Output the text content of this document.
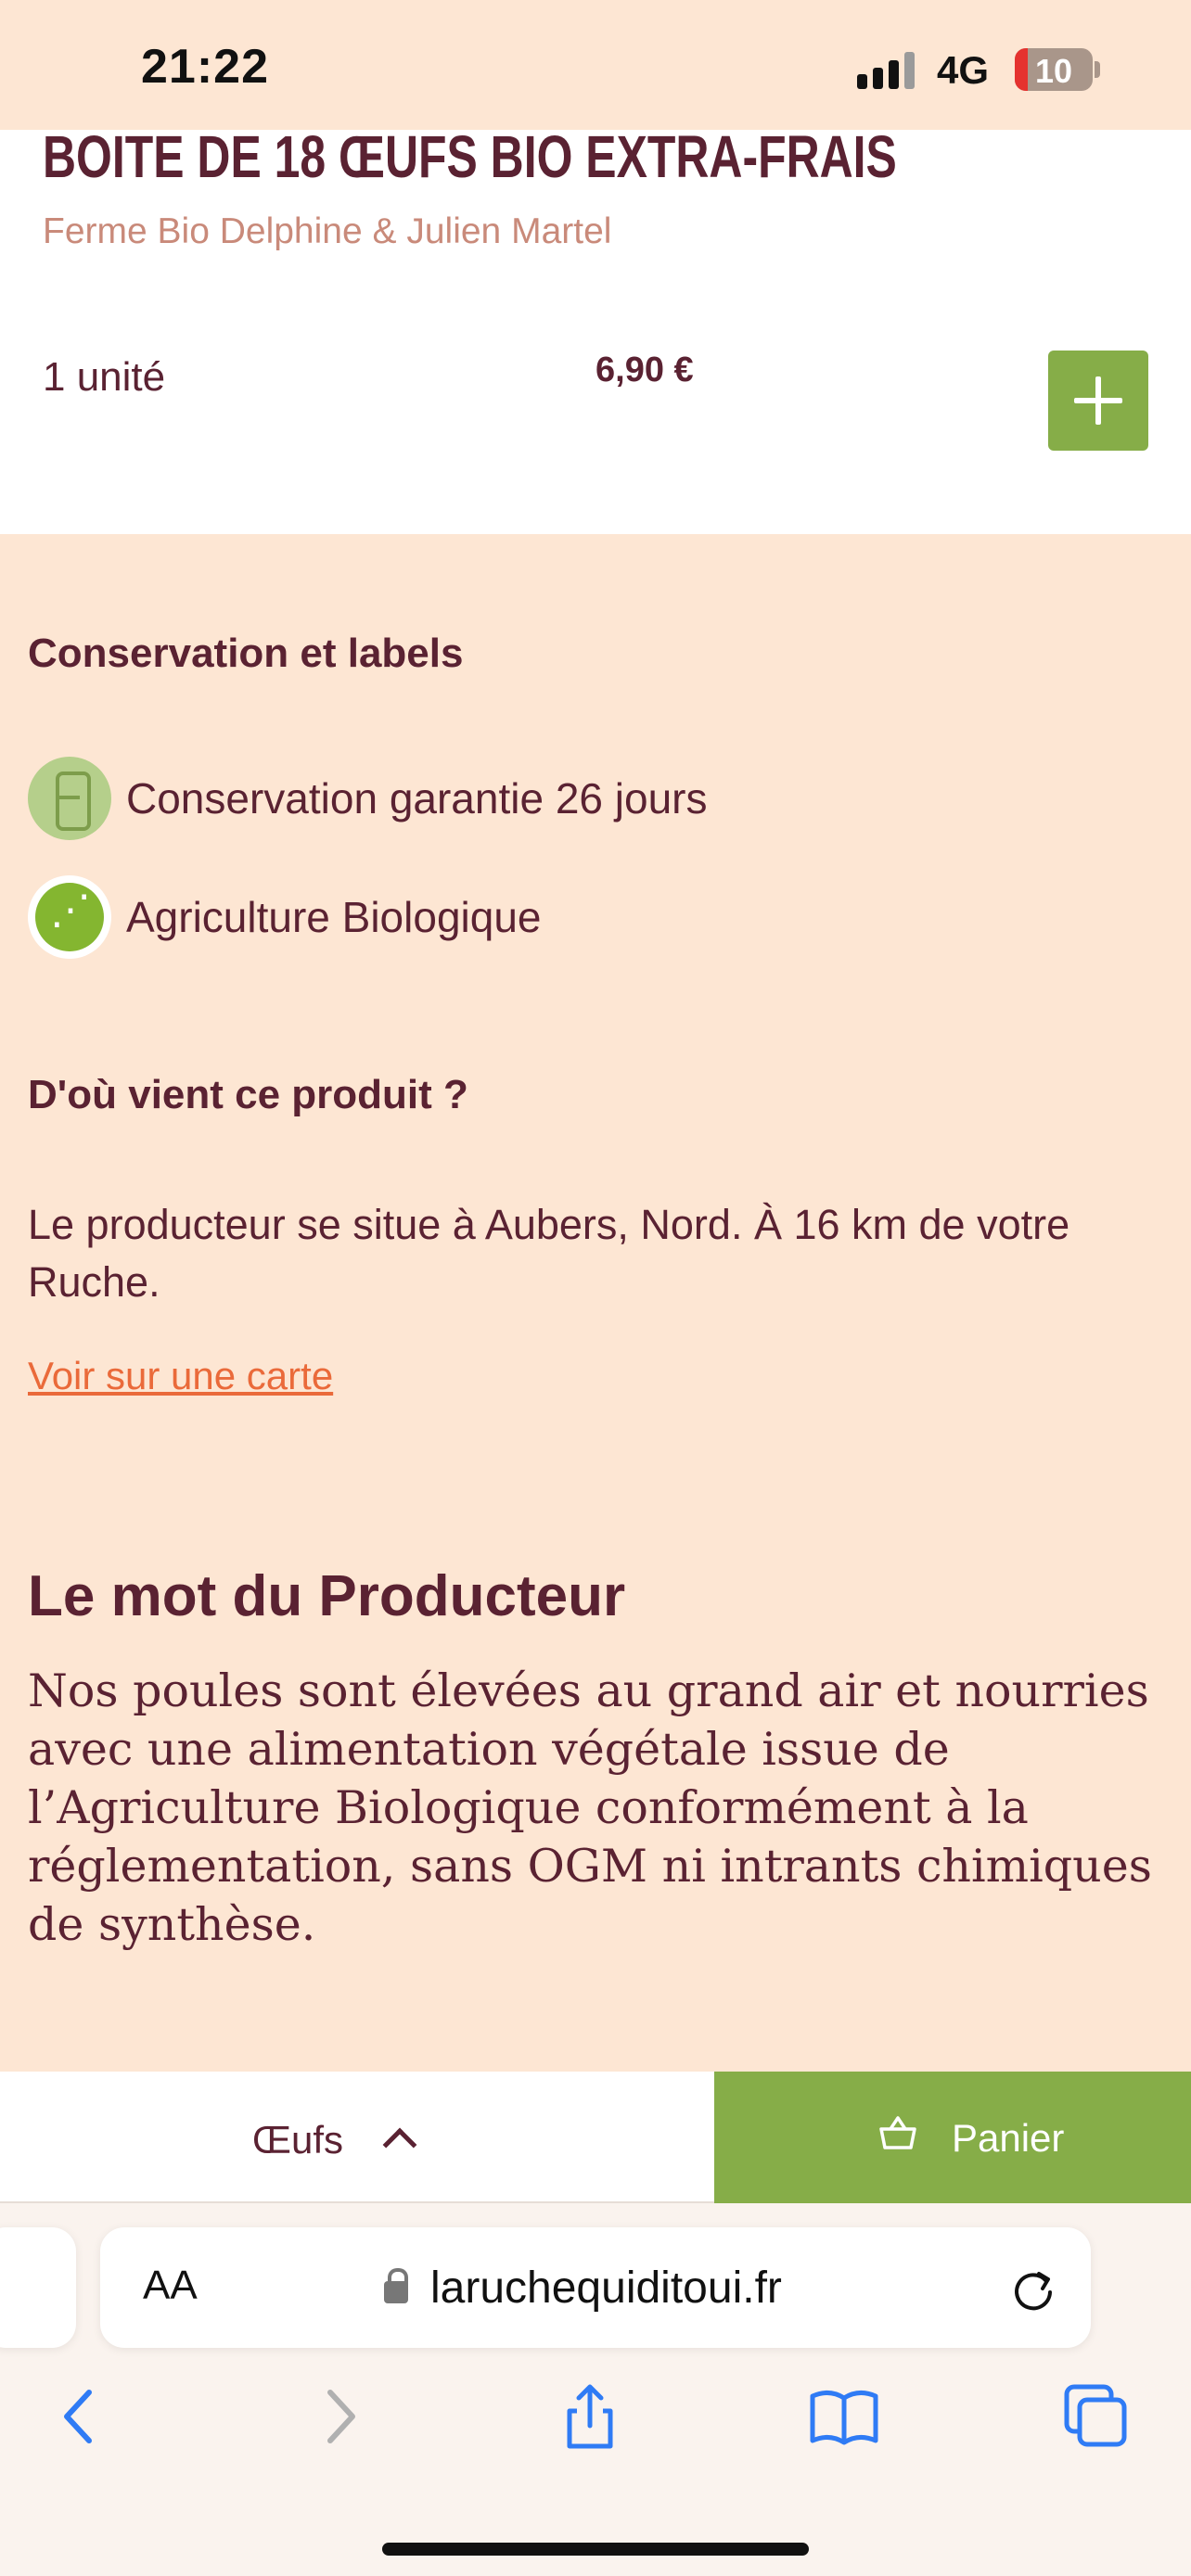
21:22	4G	10
BOITE DE 18 ŒUFS BIO EXTRA-FRAIS
Ferme Bio Delphine & Julien Martel
1 unité	6,90 €
Conservation et labels
Conservation garantie 26 jours
⋰
Agriculture Biologique
D'où vient ce produit ?
Le producteur se situe à Aubers, Nord. À 16 km de votre Ruche.
Voir sur une carte
Le mot du Producteur
Nos poules sont élevées au grand air et nourries avec une alimentation végétale issue de l’Agriculture Biologique conformément à la réglementation, sans OGM ni intrants chimiques de synthèse.
Œufs	Panier
AA	laruchequiditoui.fr
